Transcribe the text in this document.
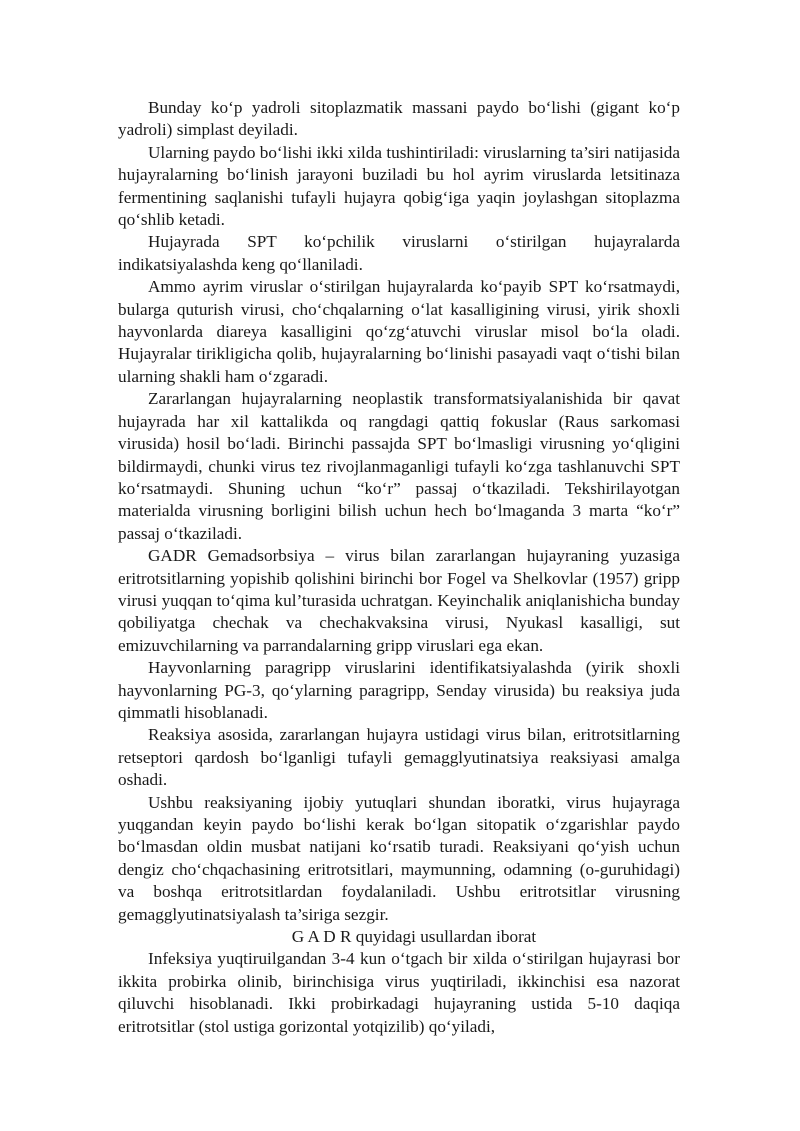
Bunday ko‘p yadroli sitoplazmatik massani paydo bo‘lishi (gigant ko‘p yadroli) simplast deyiladi.

Ularning paydo bo‘lishi ikki xilda tushintiriladi: viruslarning ta’siri natijasida hujayralarning bo‘linish jarayoni buziladi bu hol ayrim viruslarda letsitinaza fermentining saqlanishi tufayli hujayra qobig‘iga yaqin joylashgan sitoplazma qo‘shlib ketadi.

Hujayrada SPT ko‘pchilik viruslarni o‘stirilgan hujayralarda indikatsiyalashda keng qo‘llaniladi.

Ammo ayrim viruslar o‘stirilgan hujayralarda ko‘payib SPT ko‘rsatmaydi, bularga quturish virusi, cho‘chqalarning o‘lat kasalligining virusi, yirik shoxli hayvonlarda diareya kasalligini qo‘zg‘atuvchi viruslar misol bo‘la oladi. Hujayralar tirikligicha qolib, hujayralarning bo‘linishi pasayadi vaqt o‘tishi bilan ularning shakli ham o‘zgaradi.

Zararlangan hujayralarning neoplastik transformatsiyalanishida bir qavat hujayrada har xil kattalikda oq rangdagi qattiq fokuslar (Raus sarkomasi virusida) hosil bo‘ladi. Birinchi passajda SPT bo‘lmasligi virusning yo‘qligini bildirmaydi, chunki virus tez rivojlanmaganligi tufayli ko‘zga tashlanuvchi SPT ko‘rsatmaydi. Shuning uchun “ko‘r” passaj o‘tkaziladi. Tekshirilayotgan materialda virusning borligini bilish uchun hech bo‘lmaganda 3 marta “ko‘r” passaj o‘tkaziladi.

GADR Gemadsorbsiya – virus bilan zararlangan hujayraning yuzasiga eritrotsitlarning yopishib qolishini birinchi bor Fogel va Shelkovlar (1957) gripp virusi yuqqan to‘qima kul’turasida uchratgan. Keyinchalik aniqlanishicha bunday qobiliyatga chechak va chechakvaksina virusi, Nyukasl kasalligi, sut emizuvchilarning va parrandalarning gripp viruslari ega ekan.

Hayvonlarning paragripp viruslarini identifikatsiyalashda (yirik shoxli hayvonlarning PG-3, qo‘ylarning paragripp, Senday virusida) bu reaksiya juda qimmatli hisoblanadi.

Reaksiya asosida, zararlangan hujayra ustidagi virus bilan, eritrotsitlarning retseptori qardosh bo‘lganligi tufayli gemagglyutinatsiya reaksiyasi amalga oshadi.

Ushbu reaksiyaning ijobiy yutuqlari shundan iboratki, virus hujayraga yuqgandan keyin paydo bo‘lishi kerak bo‘lgan sitopatik o‘zgarishlar paydo bo‘lmasdan oldin musbat natijani ko‘rsatib turadi. Reaksiyani qo‘yish uchun dengiz cho‘chqachasining eritrotsitlari, maymunning, odamning (o-guruhidagi) va boshqa eritrotsitlardan foydalaniladi. Ushbu eritrotsitlar virusning gemagglyutinatsiyalash ta’siriga sezgir.

G A D R quyidagi usullardan iborat

Infeksiya yuqtiruilgandan 3-4 kun o‘tgach bir xilda o‘stirilgan hujayrasi bor ikkita probirka olinib, birinchisiga virus yuqtiriladi, ikkinchisi esa nazorat qiluvchi hisoblanadi. Ikki probirkadagi hujayraning ustida 5-10 daqiqa eritrotsitlar (stol ustiga gorizontal yotqizilib) qo‘yiladi,
